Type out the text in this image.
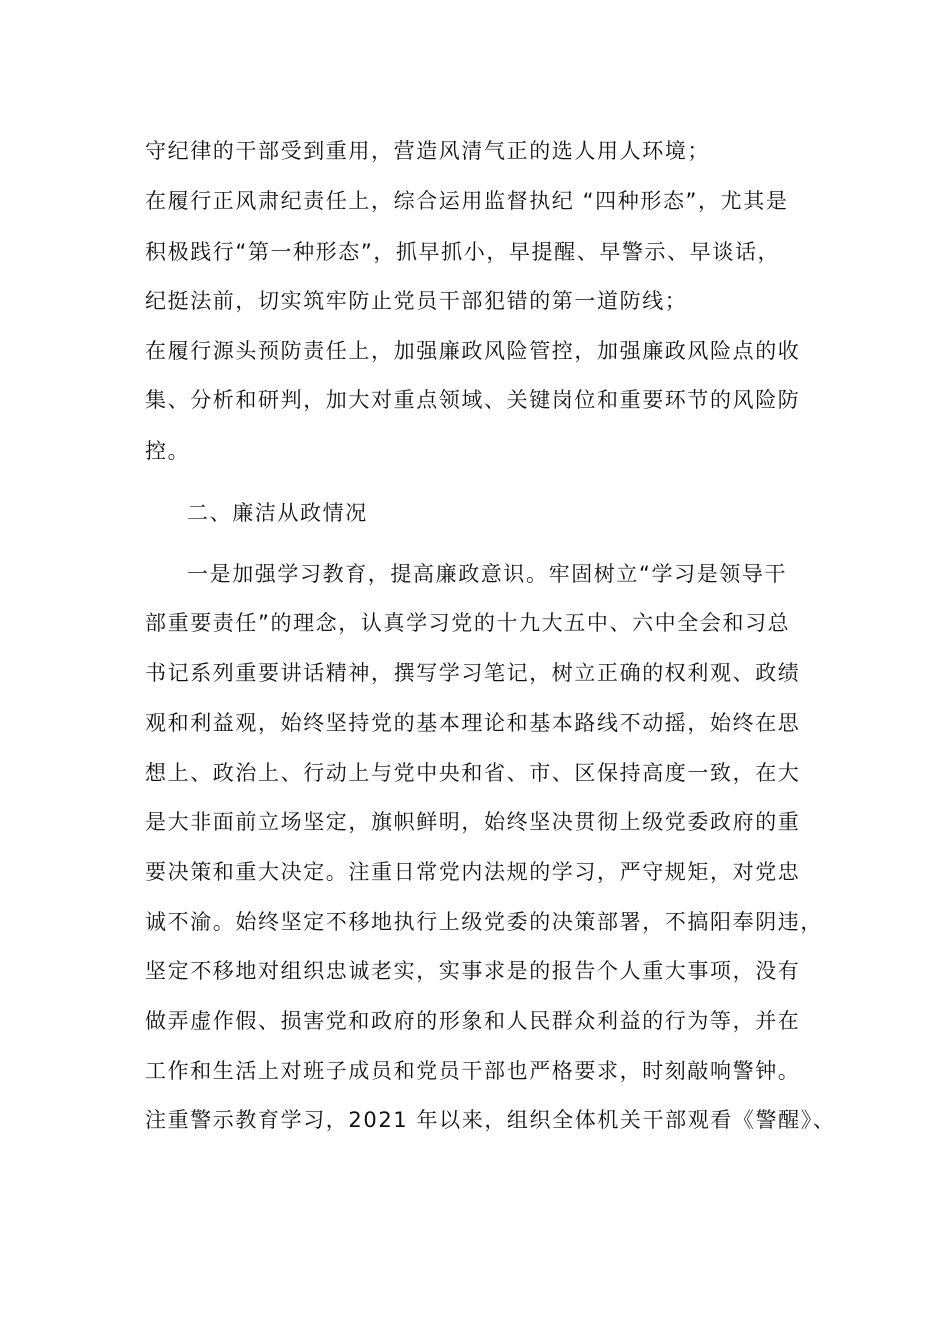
守纪律的干部受到重用，营造风清气正的选人用人环境；
在履行正风肃纪责任上，综合运用监督执纪 “四种形态”，尤其是
积极践行“第一种形态”，抓早抓小，早提醒、早警示、早谈话，
纪挺法前，切实筑牢防止党员干部犯错的第一道防线；
在履行源头预防责任上，加强廉政风险管控，加强廉政风险点的收
集、分析和研判，加大对重点领域、关键岗位和重要环节的风险防
控。
二、廉洁从政情况
一是加强学习教育，提高廉政意识。牢固树立“学习是领导干
部重要责任”的理念，认真学习党的十九大五中、六中全会和习总
书记系列重要讲话精神，撰写学习笔记，树立正确的权利观、政绩
观和利益观，始终坚持党的基本理论和基本路线不动摇，始终在思
想上、政治上、行动上与党中央和省、市、区保持高度一致，在大
是大非面前立场坚定，旗帜鲜明，始终坚决贯彻上级党委政府的重
要决策和重大决定。注重日常党内法规的学习，严守规矩，对党忠
诚不渝。始终坚定不移地执行上级党委的决策部署，不搞阳奉阴违，
坚定不移地对组织忠诚老实，实事求是的报告个人重大事项，没有
做弄虚作假、损害党和政府的形象和人民群众利益的行为等，并在
工作和生活上对班子成员和党员干部也严格要求，时刻敲响警钟。
注重警示教育学习，2021 年以来，组织全体机关干部观看《警醒》、
